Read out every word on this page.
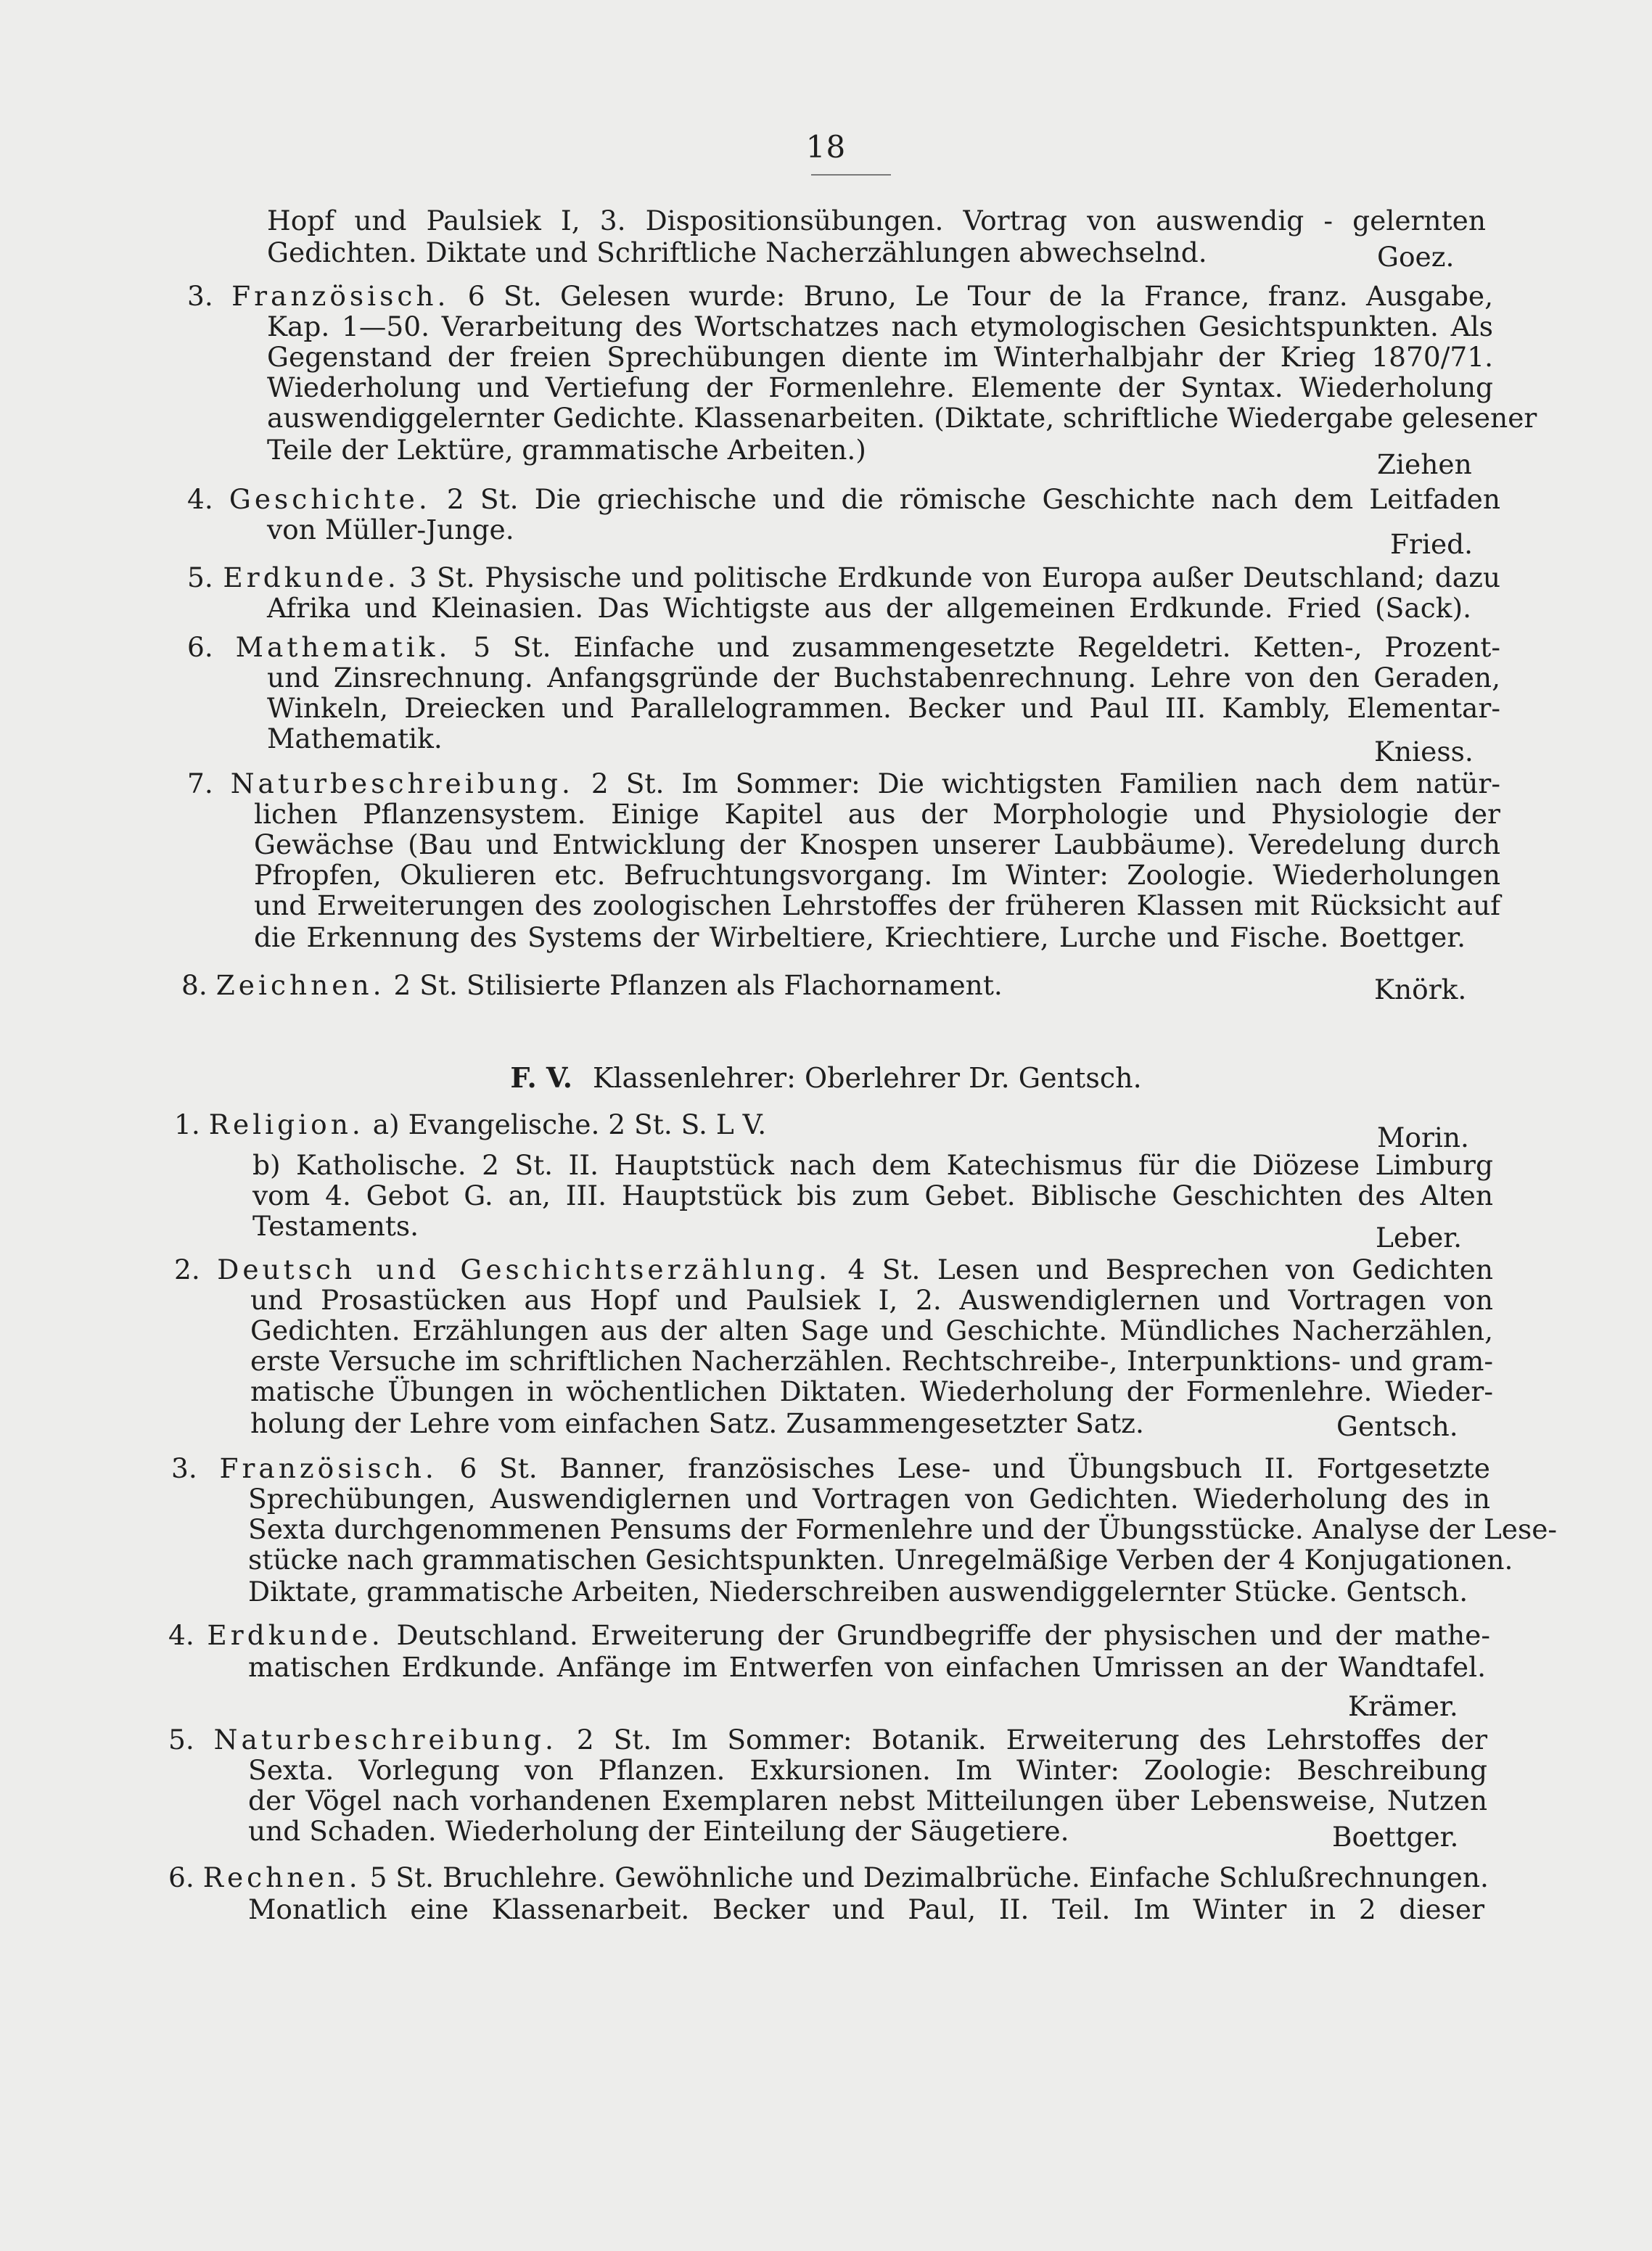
18
Hopf und Paulsiek I, 3. Dispositionsübungen. Vortrag von auswendig - gelernten
Gedichten. Diktate und Schriftliche Nacherzählungen abwechselnd.	Goez.
3. Französisch. 6 St. Gelesen wurde: Bruno, Le Tour de la France, franz. Ausgabe,
Kap. 1—50. Verarbeitung des Wortschatzes nach etymologischen Gesichtspunkten. Als
Gegenstand der freien Sprechübungen diente im Winterhalbjahr der Krieg 1870/71.
Wiederholung und Vertiefung der Formenlehre. Elemente der Syntax. Wiederholung
auswendiggelernter Gedichte. Klassenarbeiten. (Diktate, schriftliche Wiedergabe gelesener
Teile der Lektüre, grammatische Arbeiten.)	Ziehen
4. Geschichte. 2 St. Die griechische und die römische Geschichte nach dem Leitfaden
von Müller-Junge.	Fried.
5. Erdkunde. 3 St. Physische und politische Erdkunde von Europa außer Deutschland; dazu
Afrika und Kleinasien. Das Wichtigste aus der allgemeinen Erdkunde. Fried (Sack).
6. Mathematik. 5 St. Einfache und zusammengesetzte Regeldetri. Ketten-, Prozent-
und Zinsrechnung. Anfangsgründe der Buchstabenrechnung. Lehre von den Geraden,
Winkeln, Dreiecken und Parallelogrammen. Becker und Paul III. Kambly, Elementar-
Mathematik.	Kniess.
7. Naturbeschreibung. 2 St. Im Sommer: Die wichtigsten Familien nach dem natür-
lichen Pflanzensystem. Einige Kapitel aus der Morphologie und Physiologie der
Gewächse (Bau und Entwicklung der Knospen unserer Laubbäume). Veredelung durch
Pfropfen, Okulieren etc. Befruchtungsvorgang. Im Winter: Zoologie. Wiederholungen
und Erweiterungen des zoologischen Lehrstoffes der früheren Klassen mit Rücksicht auf
die Erkennung des Systems der Wirbeltiere, Kriechtiere, Lurche und Fische. Boettger.
8. Zeichnen. 2 St. Stilisierte Pflanzen als Flachornament.	Knörk.
F. V. Klassenlehrer: Oberlehrer Dr. Gentsch.
1. Religion. a) Evangelische. 2 St. S. L V.	Morin.
b) Katholische. 2 St. II. Hauptstück nach dem Katechismus für die Diözese Limburg
vom 4. Gebot G. an, III. Hauptstück bis zum Gebet. Biblische Geschichten des Alten
Testaments.	Leber.
2. Deutsch und Geschichtserzählung. 4 St. Lesen und Besprechen von Gedichten
und Prosastücken aus Hopf und Paulsiek I, 2. Auswendiglernen und Vortragen von
Gedichten. Erzählungen aus der alten Sage und Geschichte. Mündliches Nacherzählen,
erste Versuche im schriftlichen Nacherzählen. Rechtschreibe-, Interpunktions- und gram-
matische Übungen in wöchentlichen Diktaten. Wiederholung der Formenlehre. Wieder-
holung der Lehre vom einfachen Satz. Zusammengesetzter Satz.	Gentsch.
3. Französisch. 6 St. Banner, französisches Lese- und Übungsbuch II. Fortgesetzte
Sprechübungen, Auswendiglernen und Vortragen von Gedichten. Wiederholung des in
Sexta durchgenommenen Pensums der Formenlehre und der Übungsstücke. Analyse der Lese-
stücke nach grammatischen Gesichtspunkten. Unregelmäßige Verben der 4 Konjugationen.
Diktate, grammatische Arbeiten, Niederschreiben auswendiggelernter Stücke. Gentsch.
4. Erdkunde. Deutschland. Erweiterung der Grundbegriffe der physischen und der mathe-
matischen Erdkunde. Anfänge im Entwerfen von einfachen Umrissen an der Wandtafel.
Krämer.
5. Naturbeschreibung. 2 St. Im Sommer: Botanik. Erweiterung des Lehrstoffes der
Sexta. Vorlegung von Pflanzen. Exkursionen. Im Winter: Zoologie: Beschreibung
der Vögel nach vorhandenen Exemplaren nebst Mitteilungen über Lebensweise, Nutzen
und Schaden. Wiederholung der Einteilung der Säugetiere.	Boettger.
6. Rechnen. 5 St. Bruchlehre. Gewöhnliche und Dezimalbrüche. Einfache Schlußrechnungen.
Monatlich eine Klassenarbeit. Becker und Paul, II. Teil. Im Winter in 2 dieser
